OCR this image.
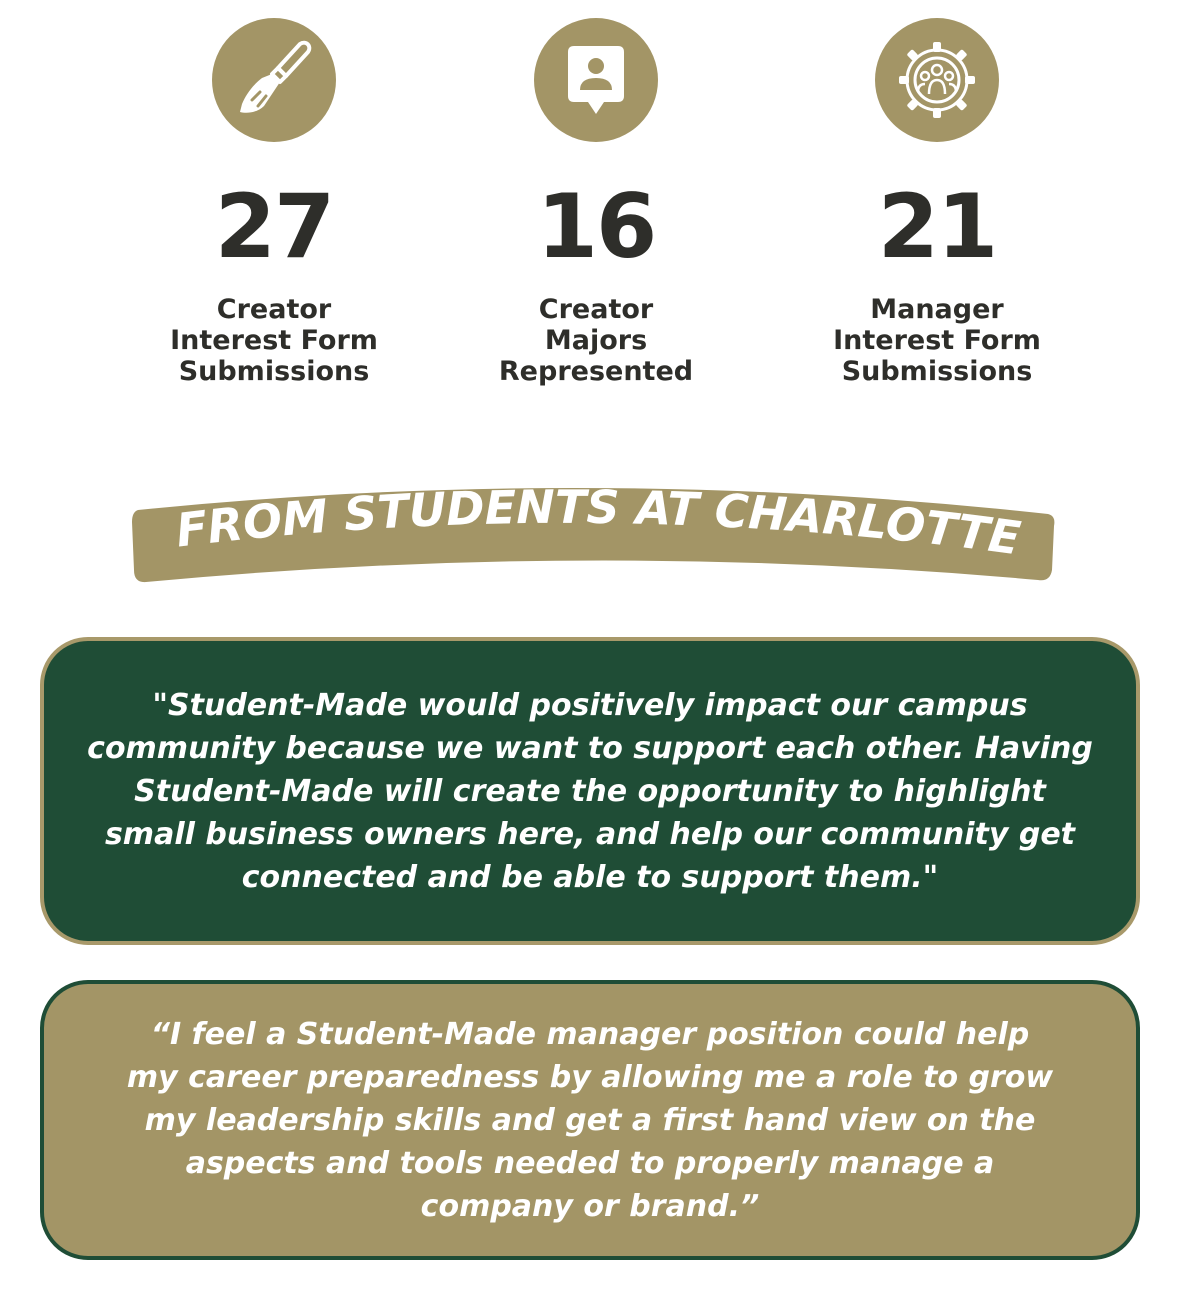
27
Creator
Interest Form
Submissions
16
Creator
Majors
Represented
21
Manager
Interest Form
Submissions
FROM STUDENTS AT CHARLOTTE
"Student-Made would positively impact our campus community because we want to support each other. Having Student-Made will create the opportunity to highlight small business owners here, and help our community get connected and be able to support them."
“I feel a Student-Made manager position could help my career preparedness by allowing me a role to grow my leadership skills and get a first hand view on the aspects and tools needed to properly manage a company or brand.”
